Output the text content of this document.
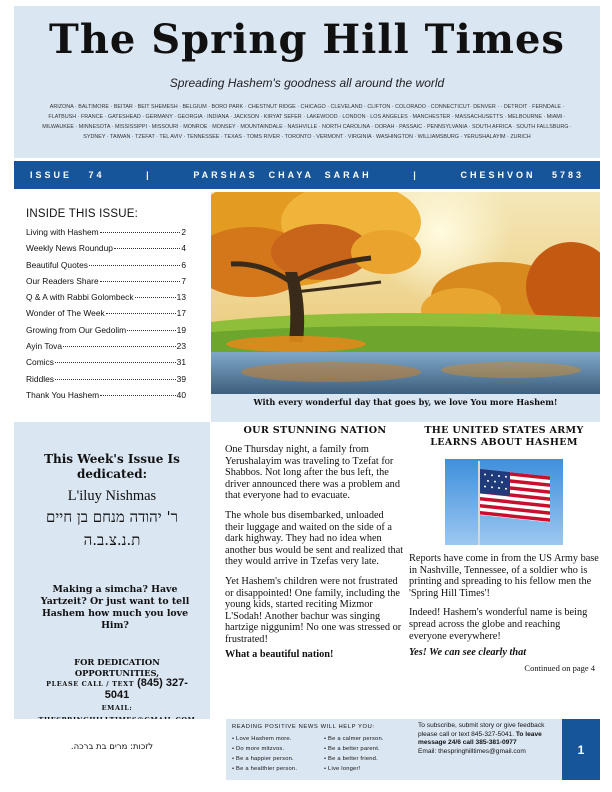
The Spring Hill Times
Spreading Hashem's goodness all around the world
ARIZONA · BALTIMORE · BEITAR · BEIT SHEMESH · BELGIUM · BORO PARK · CHESTNUT RIDGE · CHICAGO · CLEVELAND · CLIFTON · COLORADO · CONNECTICUT· DENVER · · DETROIT · FERNDALE · FLATBUSH · FRANCE · GATESHEAD · GERMANY · GEORGIA · INDIANA · JACKSON · KIRYAT SEFER · LAKEWOOD · LONDON · LOS ANGELES · MANCHESTER · MASSACHUSETTS · MELBOURNE · MIAMI · MILWAUKEE · MINNESOTA · MISSISSIPPI · MISSOURI · MONROE · MONSEY · MOUNTAINDALE · NASHVILLE · NORTH CAROLINA · OORAH · PASSAIC · PENNSYLVANIA · SOUTH AFRICA · SOUTH FALLSBURG · SYDNEY · TAIWAN · TZEFAT · TEL AVIV · TENNESSEE · TEXAS · TOMS RIVER · TORONTO · VERMONT · VIRGINIA · WASHINGTON · WILLIAMSBURG · YERUSHALAYIM · ZURICH
ISSUE   74	|	PARSHAS  CHAYA  SARAH	|	CHESHVON   5783
INSIDE THIS ISSUE:
Living with Hashem	2
Weekly News Roundup	4
Beautiful Quotes	6
Our Readers Share	7
Q & A with Rabbi Golombeck	13
Wonder of The Week	17
Growing from Our Gedolim	19
Ayin Tova	23
Comics	31
Riddles	39
Thank You Hashem	40
With every wonderful day that goes by, we love You more Hashem!
This Week's Issue Is dedicated:
L'iluy Nishmas
ר' יהודה מנחם בן חיים
ת.נ.צ.ב.ה
Making a simcha? Have Yartzeit? Or just want to tell Hashem how much you love Him?
FOR DEDICATION OPPORTUNITIES,
PLEASE CALL / TEXT (845) 327-5041
EMAIL:
OUR STUNNING NATION

One Thursday night, a family from Yerushalayim was traveling to Tzefat for Shabbos. Not long after the bus left, the driver announced there was a problem and that everyone had to evacuate.

The whole bus disembarked, unloaded their luggage and waited on the side of a dark highway. They had no idea when another bus would be sent and realized that they would arrive in Tzefas very late.

Yet Hashem's children were not frustrated or disappointed! One family, including the young kids, started reciting Mizmor L'Sodah! Another bachur was singing hartzige niggunim! No one was stressed or frustrated!

What a beautiful nation!

THE UNITED STATES ARMY LEARNS ABOUT HASHEM

Reports have come in from the US Army base in Nashville, Tennessee, of a soldier who is printing and spreading to his fellow men the 'Spring Hill Times'!

Indeed! Hashem's wonderful name is being spread across the globe and reaching everyone everywhere!

Yes! We can see clearly that

Continued on page 4
לזכות: מרים בת ברכה.
READING POSITIVE NEWS WILL HELP YOU:
• Love Hashem more.
• Do more mitzvos.
• Be a happier person.
• Be a healthier person.
• Be a calmer person.
• Be a better parent.
• Be a better friend.
• Live longer!
To subscribe, submit story or give feedback please call or text 845-327-5041. To leave message 24/6 call 385-381-0977
Email: thespringhilltimes@gmail.com	1
